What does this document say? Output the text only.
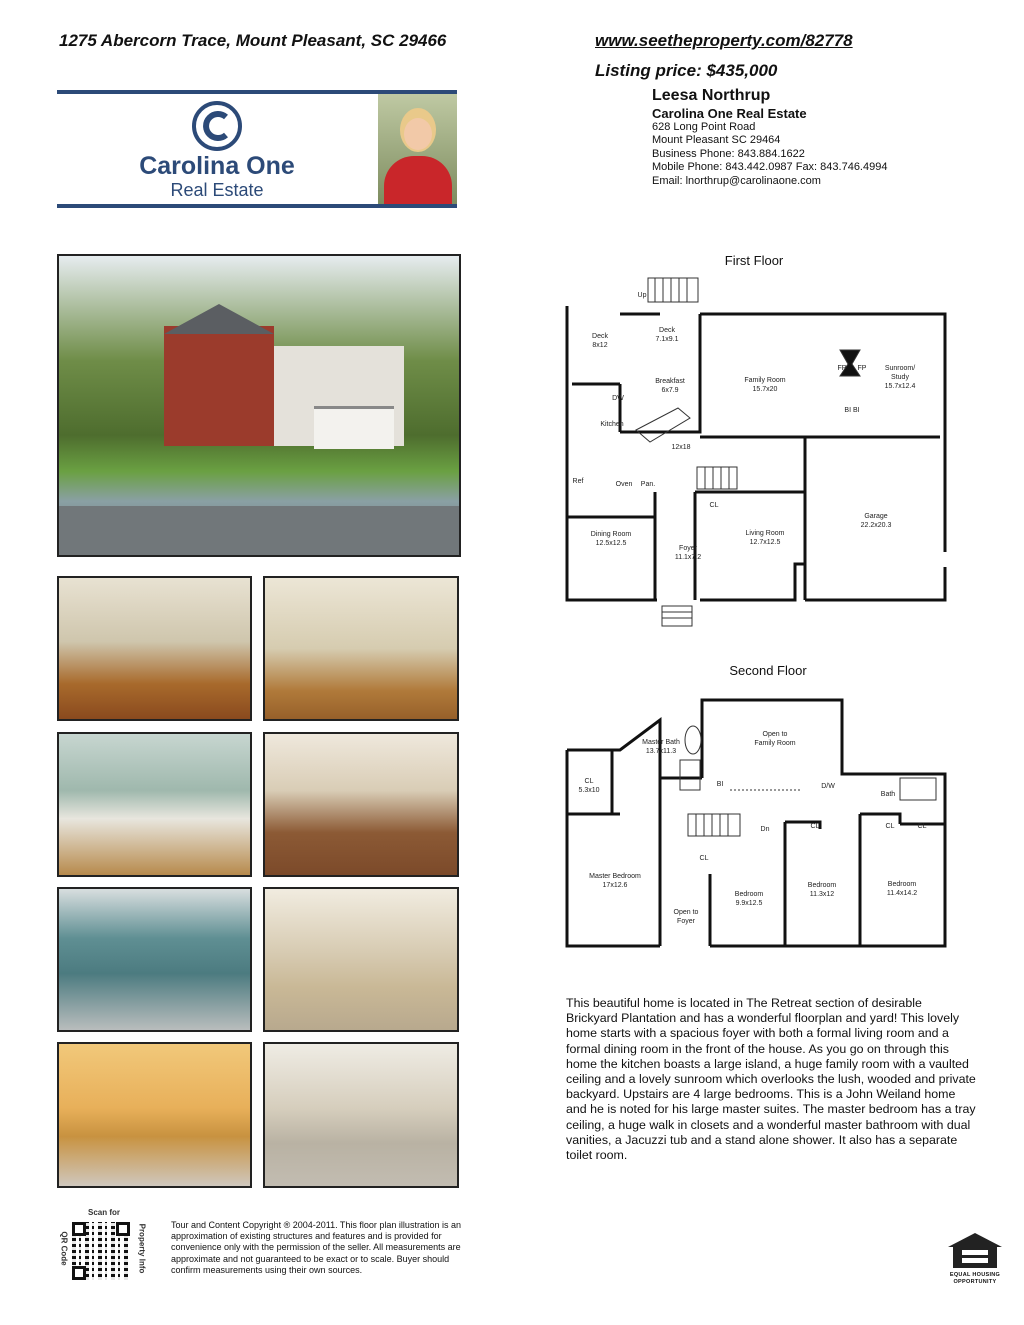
1275 Abercorn Trace, Mount Pleasant, SC 29466	www.seetheproperty.com/82778
Listing price: $435,000
Carolina One
Real Estate
Leesa Northrup
Carolina One Real Estate
628 Long Point Road
Mount Pleasant SC 29464
Business Phone: 843.884.1622
Mobile Phone: 843.442.0987 Fax: 843.746.4994
Email: lnorthrup@carolinaone.com
First Floor
Up
Deck
8x12
Deck
7.1x9.1
Breakfast
6x7.9
Family Room
15.7x20
FP FP	Sunroom/
Study
15.7x12.4
BI BI
DW
Kitchen
12x18
Ref	Oven Pan.
CL
Dining Room
12.5x12.5
Foyer
11.1x7.2
Living Room
12.7x12.5
Garage
22.2x20.3
Second Floor
Master Bath
13.7x11.3
Open to
Family Room
CL
5.3x10
BI	D/W
Bath
CL	CL	CL
CL
Dn
Master Bedroom
17x12.6
Open to
Foyer
Bedroom
9.9x12.5
Bedroom
11.3x12
Bedroom
11.4x14.2
This beautiful home is located in The Retreat section of desirable Brickyard Plantation and has a wonderful floorplan and yard! This lovely home starts with a spacious foyer with both a formal living room and a formal dining room in the front of the house. As you go on through this home the kitchen boasts a large island, a huge family room with a vaulted ceiling and a lovely sunroom which overlooks the lush, wooded and private backyard. Upstairs are 4 large bedrooms. This is a John Weiland home and he is noted for his large master suites. The master bedroom has a tray ceiling, a huge walk in closets and a wonderful master bathroom with dual vanities, a Jacuzzi tub and a stand alone shower. It also has a separate toilet room.
Scan for
QR Code	Property Info	Tour and Content Copyright ® 2004-2011. This floor plan illustration is an approximation of existing structures and features and is provided for convenience only with the permission of the seller. All measurements are approximate and not guaranteed to be exact or to scale. Buyer should confirm measurements using their own sources.
EQUAL HOUSING
OPPORTUNITY
